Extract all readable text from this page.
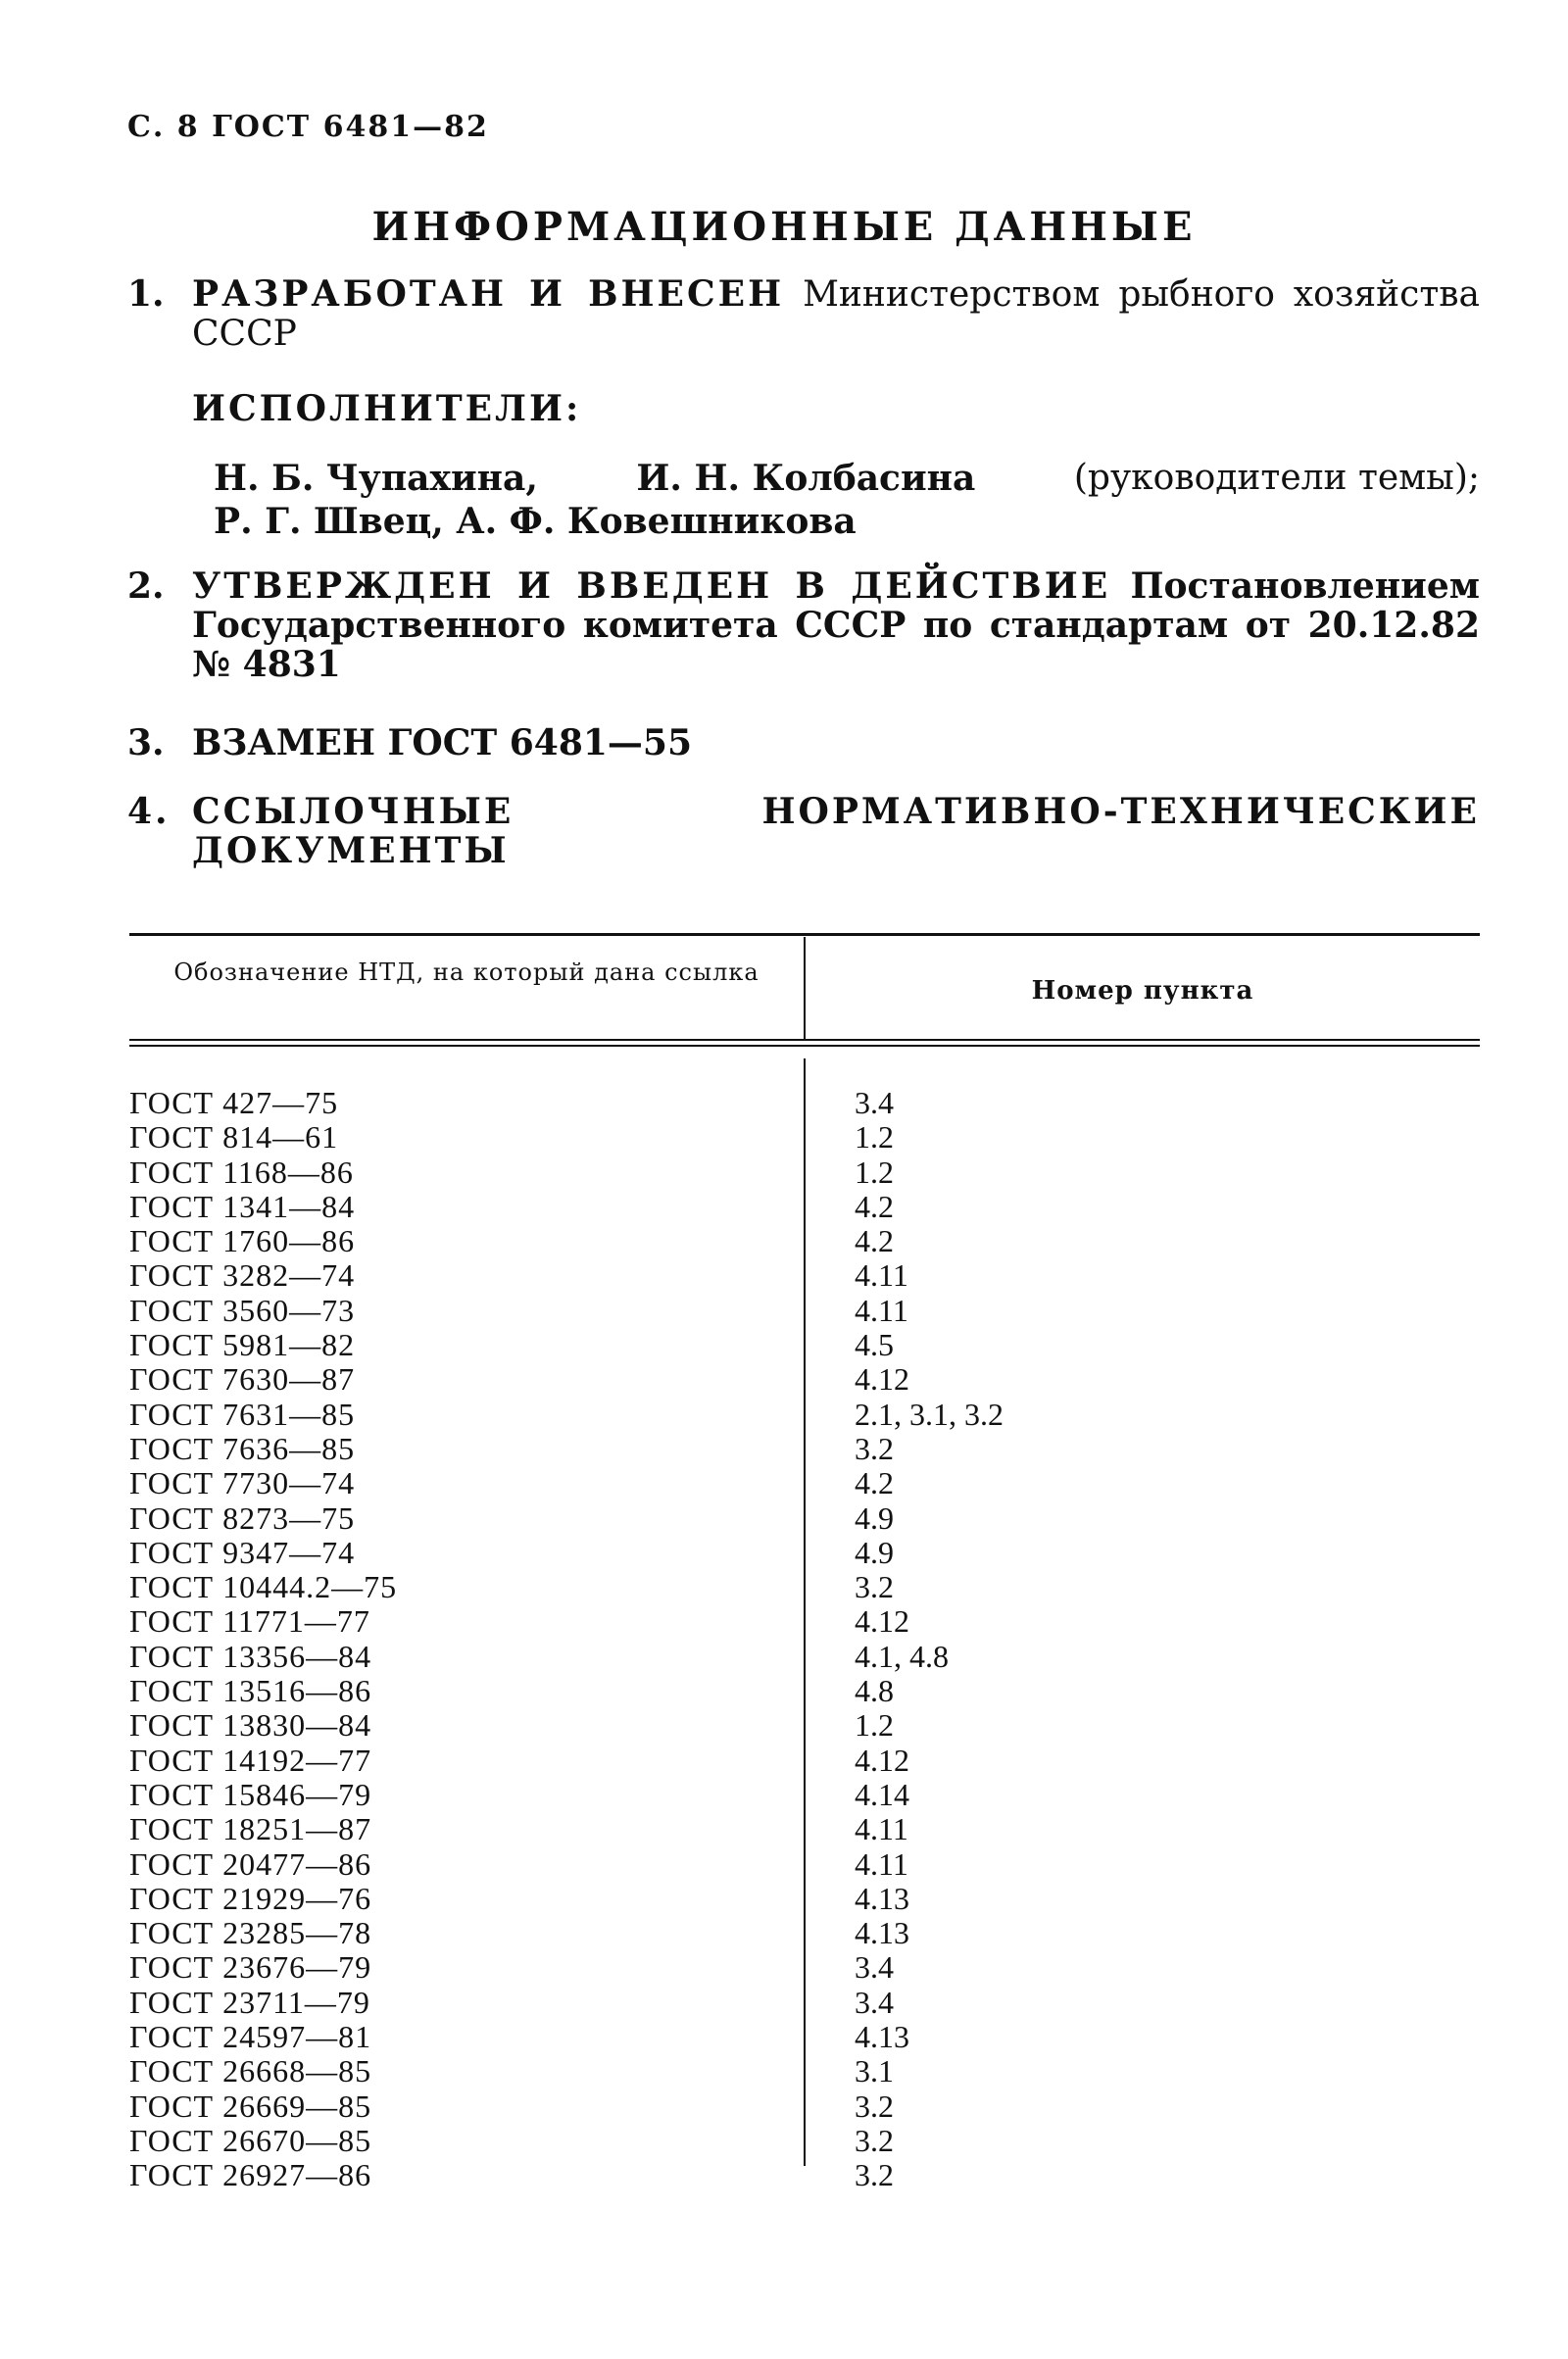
С. 8 ГОСТ 6481—82
ИНФОРМАЦИОННЫЕ ДАННЫЕ
1. РАЗРАБОТАН И ВНЕСЕН Министерством рыбного хозяйства СССР
ИСПОЛНИТЕЛИ:
Н. Б. Чупахина,	И. Н. Колбасина	(руководители темы);
Р. Г. Швец, А. Ф. Ковешникова
2. УТВЕРЖДЕН И ВВЕДЕН В ДЕЙСТВИЕ Постановлением Государственного комитета СССР по стандартам от 20.12.82 № 4831
3. ВЗАМЕН ГОСТ 6481—55
4. ССЫЛОЧНЫЕ НОРМАТИВНО-ТЕХНИЧЕСКИЕ ДОКУМЕНТЫ
Обозначение НТД, на который дана ссылка
Номер пункта
ГОСТ 427—75	3.4
ГОСТ 814—61	1.2
ГОСТ 1168—86	1.2
ГОСТ 1341—84	4.2
ГОСТ 1760—86	4.2
ГОСТ 3282—74	4.11
ГОСТ 3560—73	4.11
ГОСТ 5981—82	4.5
ГОСТ 7630—87	4.12
ГОСТ 7631—85	2.1, 3.1, 3.2
ГОСТ 7636—85	3.2
ГОСТ 7730—74	4.2
ГОСТ 8273—75	4.9
ГОСТ 9347—74	4.9
ГОСТ 10444.2—75	3.2
ГОСТ 11771—77	4.12
ГОСТ 13356—84	4.1, 4.8
ГОСТ 13516—86	4.8
ГОСТ 13830—84	1.2
ГОСТ 14192—77	4.12
ГОСТ 15846—79	4.14
ГОСТ 18251—87	4.11
ГОСТ 20477—86	4.11
ГОСТ 21929—76	4.13
ГОСТ 23285—78	4.13
ГОСТ 23676—79	3.4
ГОСТ 23711—79	3.4
ГОСТ 24597—81	4.13
ГОСТ 26668—85	3.1
ГОСТ 26669—85	3.2
ГОСТ 26670—85	3.2
ГОСТ 26927—86	3.2
